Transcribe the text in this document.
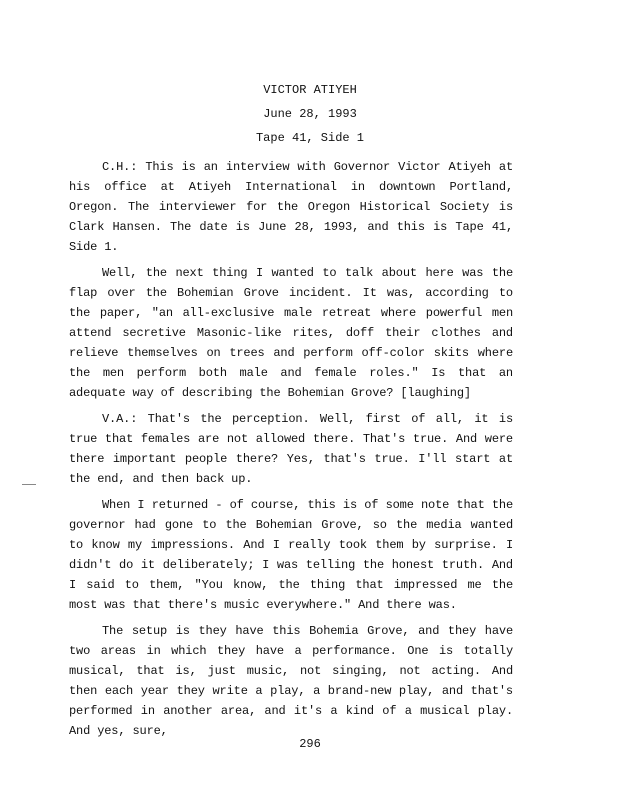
VICTOR ATIYEH
June 28, 1993
Tape 41, Side 1

C.H.: This is an interview with Governor Victor Atiyeh at his office at Atiyeh International in downtown Portland, Oregon. The interviewer for the Oregon Historical Society is Clark Hansen. The date is June 28, 1993, and this is Tape 41, Side 1.

Well, the next thing I wanted to talk about here was the flap over the Bohemian Grove incident. It was, according to the paper, "an all-exclusive male retreat where powerful men attend secretive Masonic-like rites, doff their clothes and relieve themselves on trees and perform off-color skits where the men perform both male and female roles." Is that an adequate way of describing the Bohemian Grove? [laughing]

V.A.: That's the perception. Well, first of all, it is true that females are not allowed there. That's true. And were there important people there? Yes, that's true. I'll start at the end, and then back up.

When I returned - of course, this is of some note that the governor had gone to the Bohemian Grove, so the media wanted to know my impressions. And I really took them by surprise. I didn't do it deliberately; I was telling the honest truth. And I said to them, "You know, the thing that impressed me the most was that there's music everywhere." And there was.

The setup is they have this Bohemia Grove, and they have two areas in which they have a performance. One is totally musical, that is, just music, not singing, not acting. And then each year they write a play, a brand-new play, and that's performed in another area, and it's a kind of a musical play. And yes, sure,

296
